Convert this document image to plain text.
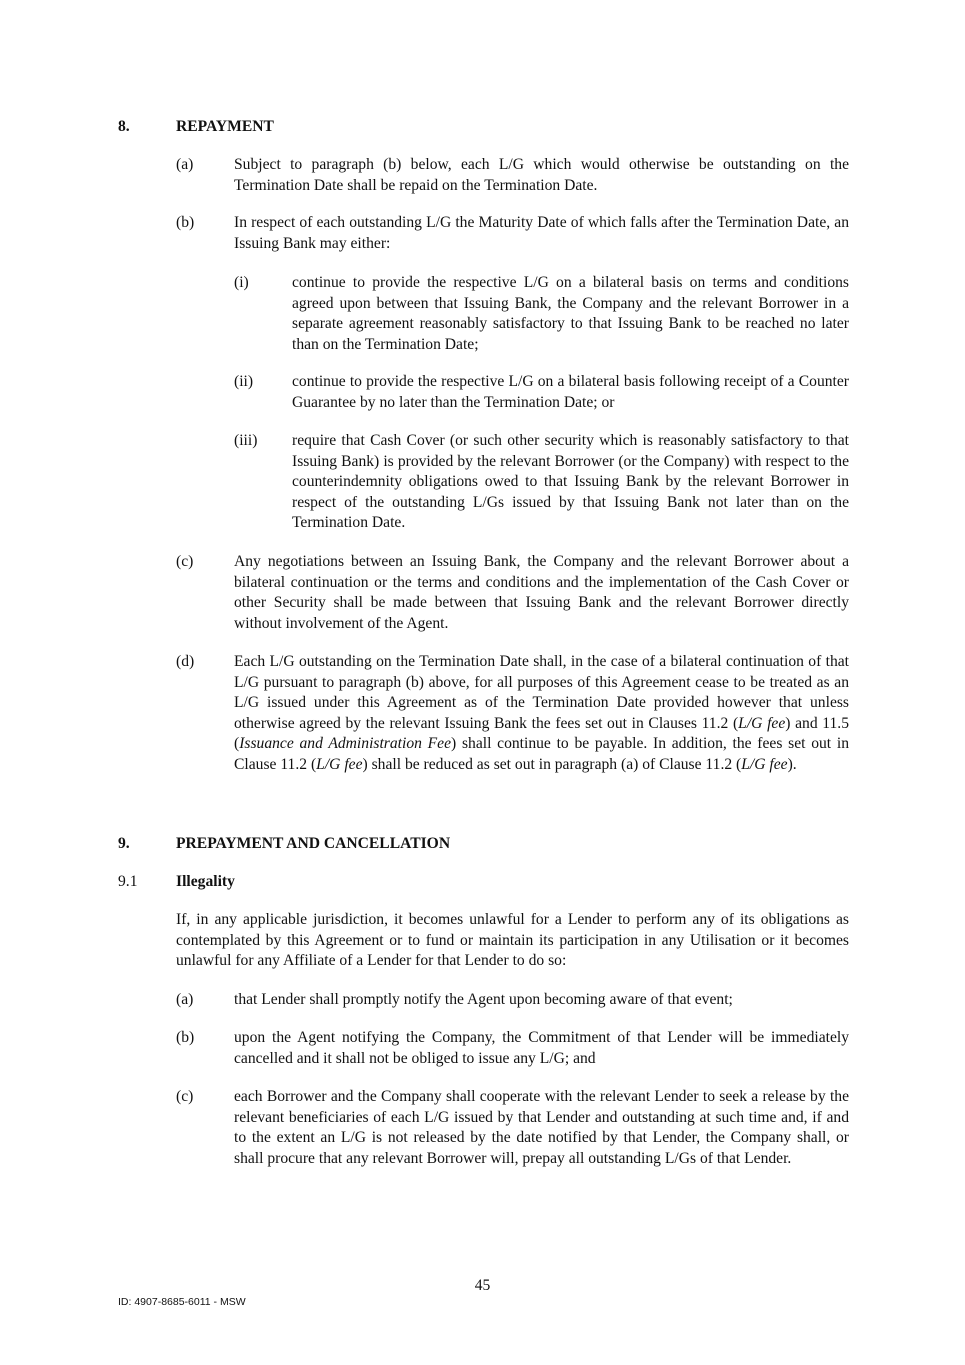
8.	REPAYMENT
(a)	Subject to paragraph (b) below, each L/G which would otherwise be outstanding on the Termination Date shall be repaid on the Termination Date.
(b)	In respect of each outstanding L/G the Maturity Date of which falls after the Termination Date, an Issuing Bank may either:
(i)	continue to provide the respective L/G on a bilateral basis on terms and conditions agreed upon between that Issuing Bank, the Company and the relevant Borrower in a separate agreement reasonably satisfactory to that Issuing Bank to be reached no later than on the Termination Date;
(ii) continue to provide the respective L/G on a bilateral basis following receipt of a Counter Guarantee by no later than the Termination Date; or
(iii) require that Cash Cover (or such other security which is reasonably satisfactory to that Issuing Bank) is provided by the relevant Borrower (or the Company) with respect to the counterindemnity obligations owed to that Issuing Bank by the relevant Borrower in respect of the outstanding L/Gs issued by that Issuing Bank not later than on the Termination Date.
(c)	Any negotiations between an Issuing Bank, the Company and the relevant Borrower about a bilateral continuation or the terms and conditions and the implementation of the Cash Cover or other Security shall be made between that Issuing Bank and the relevant Borrower directly without involvement of the Agent.
(d)	Each L/G outstanding on the Termination Date shall, in the case of a bilateral continuation of that L/G pursuant to paragraph (b) above, for all purposes of this Agreement cease to be treated as an L/G issued under this Agreement as of the Termination Date provided however that unless otherwise agreed by the relevant Issuing Bank the fees set out in Clauses 11.2 (L/G fee) and 11.5 (Issuance and Administration Fee) shall continue to be payable. In addition, the fees set out in Clause 11.2 (L/G fee) shall be reduced as set out in paragraph (a) of Clause 11.2 (L/G fee).
9.	PREPAYMENT AND CANCELLATION
9.1 Illegality
If, in any applicable jurisdiction, it becomes unlawful for a Lender to perform any of its obligations as contemplated by this Agreement or to fund or maintain its participation in any Utilisation or it becomes unlawful for any Affiliate of a Lender for that Lender to do so:
(a)	that Lender shall promptly notify the Agent upon becoming aware of that event;
(b)	upon the Agent notifying the Company, the Commitment of that Lender will be immediately cancelled and it shall not be obliged to issue any L/G; and
(c)	each Borrower and the Company shall cooperate with the relevant Lender to seek a release by the relevant beneficiaries of each L/G issued by that Lender and outstanding at such time and, if and to the extent an L/G is not released by the date notified by that Lender, the Company shall, or shall procure that any relevant Borrower will, prepay all outstanding L/Gs of that Lender.
45
ID: 4907-8685-6011 - MSW
